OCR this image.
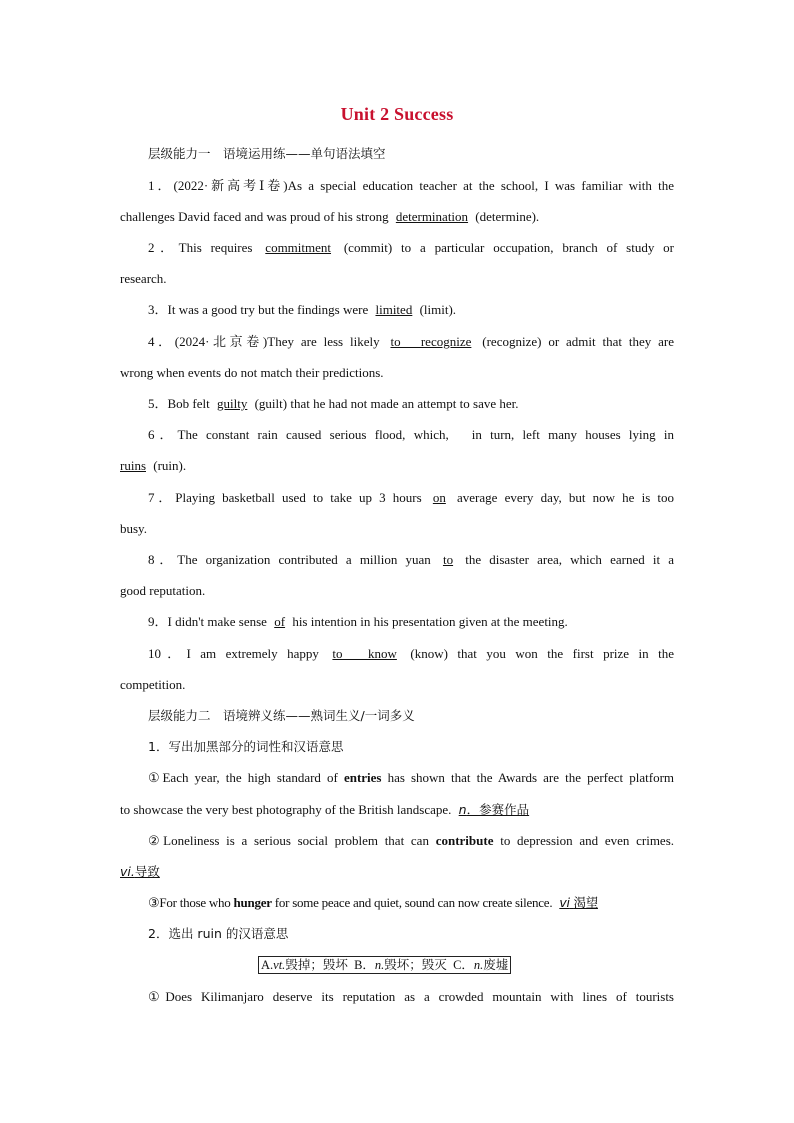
Unit 2 Success
层级能力一　语境运用练——单句语法填空
1．(2022·新高考Ⅰ卷)As a special education teacher at the school, I was familiar with the
challenges David faced and was proud of his strong determination (determine).
2．This requires commitment (commit) to a particular occupation, branch of study or
research.
3．It was a good try but the findings were limited (limit).
4．(2024·北京卷)They are less likely to　recognize (recognize) or admit that they are
wrong when events do not match their predictions.
5．Bob felt guilty (guilt) that he had not made an attempt to save her.
6．The constant rain caused serious flood, which,　in turn, left many houses lying in
ruins (ruin).
7．Playing basketball used to take up 3 hours on average every day, but now he is too
busy.
8．The organization contributed a million yuan to the disaster area, which earned it a
good reputation.
9．I didn't make sense of his intention in his presentation given at the meeting.
10．I am extremely happy to　know (know) that you won the first prize in the
competition.
层级能力二　语境辨义练——熟词生义/一词多义
1．写出加黑部分的词性和汉语意思
①Each year, the high standard of entries has shown that the Awards are the perfect platform
to showcase the very best photography of the British landscape. n．参赛作品
②Loneliness is a serious social problem that can contribute to depression and even crimes.
vi.导致
③For those who hunger for some peace and quiet, sound can now create silence. vi 渴望
2．选出 ruin 的汉语意思
A.vt.毁掉；毁坏 B．n.毁坏；毁灭 C．n.废墟
①Does Kilimanjaro deserve its reputation as a crowded mountain with lines of tourists
